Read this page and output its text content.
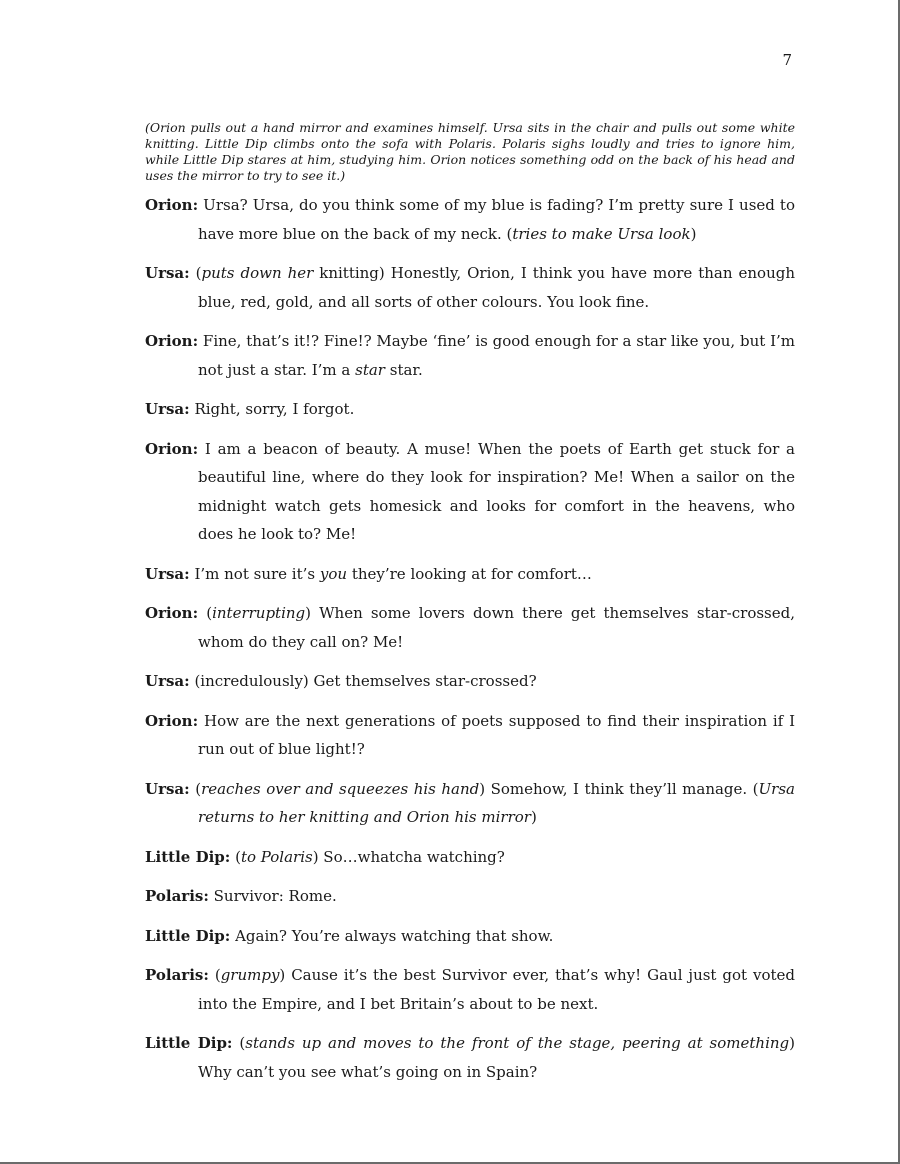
7

(Orion pulls out a hand mirror and examines himself. Ursa sits in the chair and pulls out some white knitting. Little Dip climbs onto the sofa with Polaris. Polaris sighs loudly and tries to ignore him, while Little Dip stares at him, studying him. Orion notices something odd on the back of his head and uses the mirror to try to see it.)

Orion: Ursa? Ursa, do you think some of my blue is fading? I’m pretty sure I used to have more blue on the back of my neck. (tries to make Ursa look)

Ursa: (puts down her knitting) Honestly, Orion, I think you have more than enough blue, red, gold, and all sorts of other colours. You look fine.

Orion: Fine, that’s it!? Fine!? Maybe ‘fine’ is good enough for a star like you, but I’m not just a star. I’m a star star.

Ursa: Right, sorry, I forgot.

Orion: I am a beacon of beauty. A muse! When the poets of Earth get stuck for a beautiful line, where do they look for inspiration? Me! When a sailor on the midnight watch gets homesick and looks for comfort in the heavens, who does he look to? Me!

Ursa: I’m not sure it’s you they’re looking at for comfort…

Orion: (interrupting) When some lovers down there get themselves star-crossed, whom do they call on? Me!

Ursa: (incredulously) Get themselves star-crossed?

Orion: How are the next generations of poets supposed to find their inspiration if I run out of blue light!?

Ursa: (reaches over and squeezes his hand) Somehow, I think they’ll manage. (Ursa returns to her knitting and Orion his mirror)

Little Dip: (to Polaris) So…whatcha watching?

Polaris: Survivor: Rome.

Little Dip: Again? You’re always watching that show.

Polaris: (grumpy) Cause it’s the best Survivor ever, that’s why! Gaul just got voted into the Empire, and I bet Britain’s about to be next.

Little Dip: (stands up and moves to the front of the stage, peering at something) Why can’t you see what’s going on in Spain?
